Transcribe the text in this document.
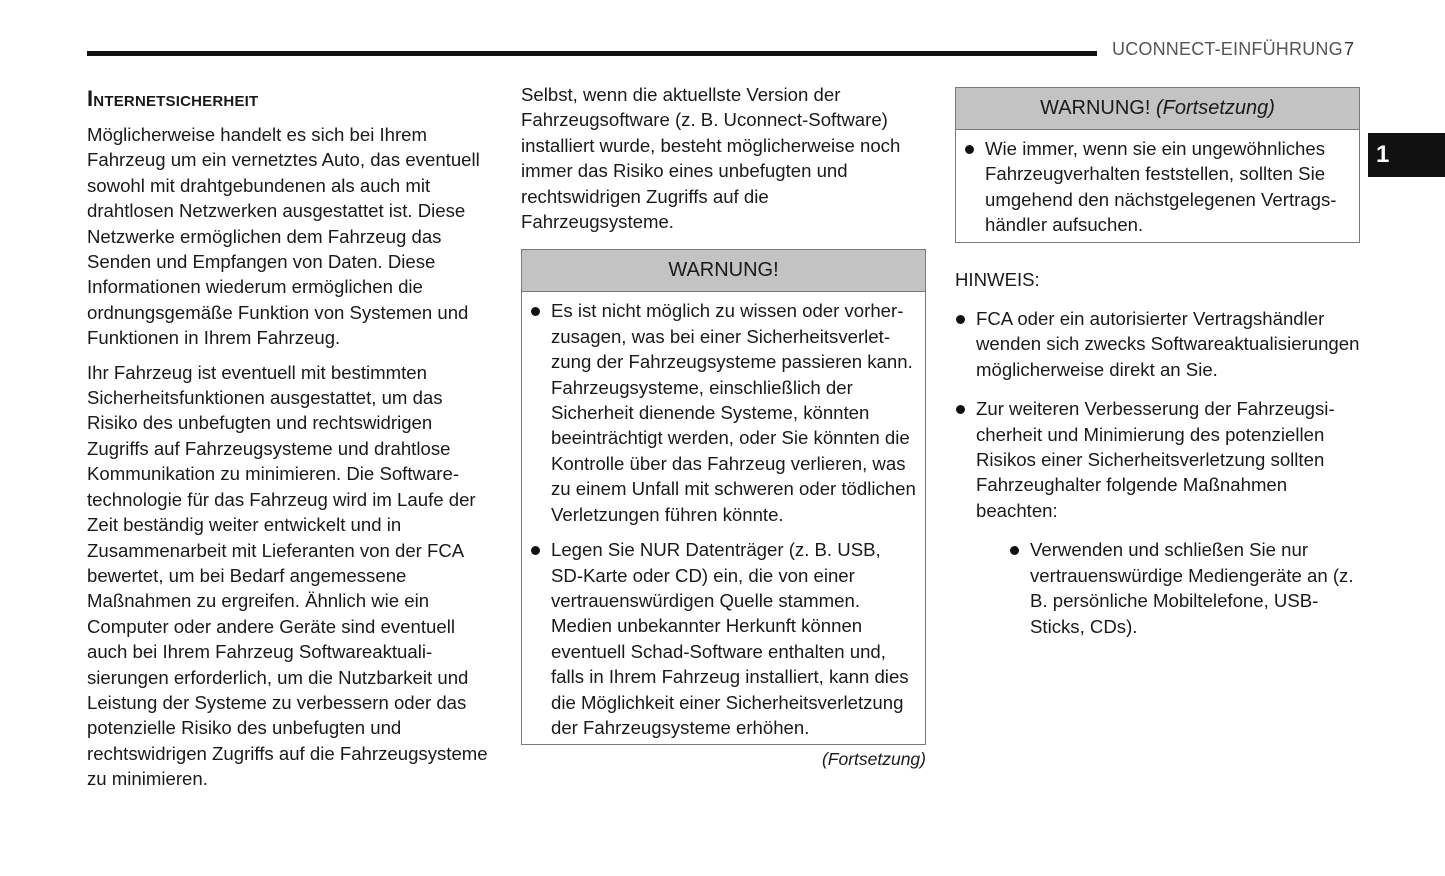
UCONNECT-EINFÜHRUNG 7
1
Internetsicherheit

Möglicherweise handelt es sich bei Ihrem Fahrzeug um ein vernetztes Auto, das eventuell sowohl mit drahtgebundenen als auch mit drahtlosen Netzwerken ausgestattet ist. Diese Netzwerke ermöglichen dem Fahrzeug das Senden und Empfangen von Daten. Diese Informationen wiederum ermöglichen die ordnungsgemäße Funktion von Systemen und Funktionen in Ihrem Fahrzeug.

Ihr Fahrzeug ist eventuell mit bestimmten Sicherheitsfunktionen ausgestattet, um das Risiko des unbefugten und rechtswidrigen Zugriffs auf Fahrzeugsysteme und drahtlose Kommunikation zu minimieren. Die Softwaretechnologie für das Fahrzeug wird im Laufe der Zeit beständig weiter entwickelt und in Zusammenarbeit mit Lieferanten von der FCA bewertet, um bei Bedarf angemessene Maßnahmen zu ergreifen. Ähnlich wie ein Computer oder andere Geräte sind eventuell auch bei Ihrem Fahrzeug Softwareaktualisierungen erforderlich, um die Nutzbarkeit und Leistung der Systeme zu verbessern oder das potenzielle Risiko des unbefugten und rechtswidrigen Zugriffs auf die Fahrzeugsysteme zu minimieren.

Selbst, wenn die aktuellste Version der Fahrzeugsoftware (z. B. Uconnect-Software) installiert wurde, besteht möglicherweise noch immer das Risiko eines unbefugten und rechtswidrigen Zugriffs auf die Fahrzeugsysteme.

WARNUNG!
Es ist nicht möglich zu wissen oder vorherzusagen, was bei einer Sicherheitsverletzung der Fahrzeugsysteme passieren kann. Fahrzeugsysteme, einschließlich der Sicherheit dienende Systeme, könnten beeinträchtigt werden, oder Sie könnten die Kontrolle über das Fahrzeug verlieren, was zu einem Unfall mit schweren oder tödlichen Verletzungen führen könnte.
Legen Sie NUR Datenträger (z. B. USB, SD-Karte oder CD) ein, die von einer vertrauenswürdigen Quelle stammen. Medien unbekannter Herkunft können eventuell Schad-Software enthalten und, falls in Ihrem Fahrzeug installiert, kann dies die Möglichkeit einer Sicherheitsverletzung der Fahrzeugsysteme erhöhen.
(Fortsetzung)
WARNUNG! (Fortsetzung)
Wie immer, wenn sie ein ungewöhnliches Fahrzeugverhalten feststellen, sollten Sie umgehend den nächstgelegenen Vertragshändler aufsuchen.
HINWEIS:
FCA oder ein autorisierter Vertragshändler wenden sich zwecks Softwareaktualisierungen möglicherweise direkt an Sie.
Zur weiteren Verbesserung der Fahrzeugsicherheit und Minimierung des potenziellen Risikos einer Sicherheitsverletzung sollten Fahrzeughalter folgende Maßnahmen beachten:
Verwenden und schließen Sie nur vertrauenswürdige Mediengeräte an (z. B. persönliche Mobiltelefone, USB-Sticks, CDs).
